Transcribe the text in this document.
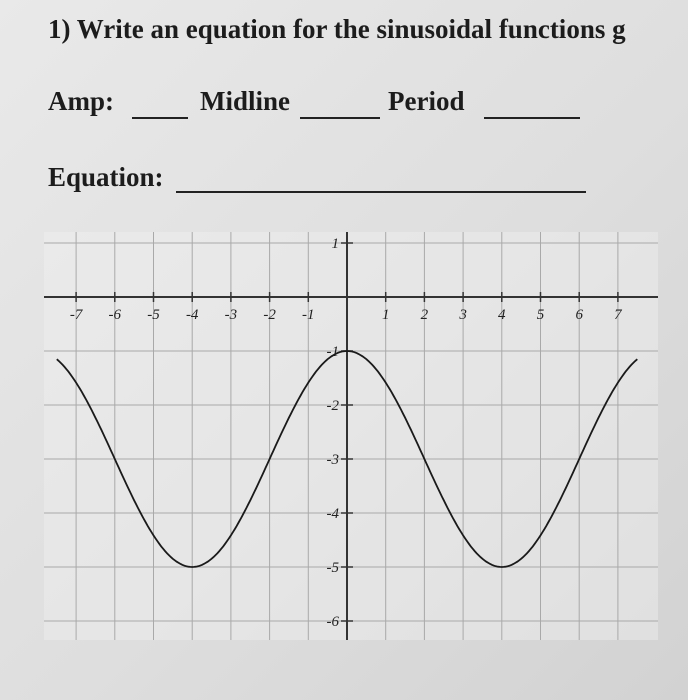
1) Write an equation for the sinusoidal functions g
Amp:	Midline	Period
Equation:
-7 -6 -5 -4 -3 -2 -1	1 2 3 4 5 6 7
1
-1
-2
-3
-4
-5
-6
